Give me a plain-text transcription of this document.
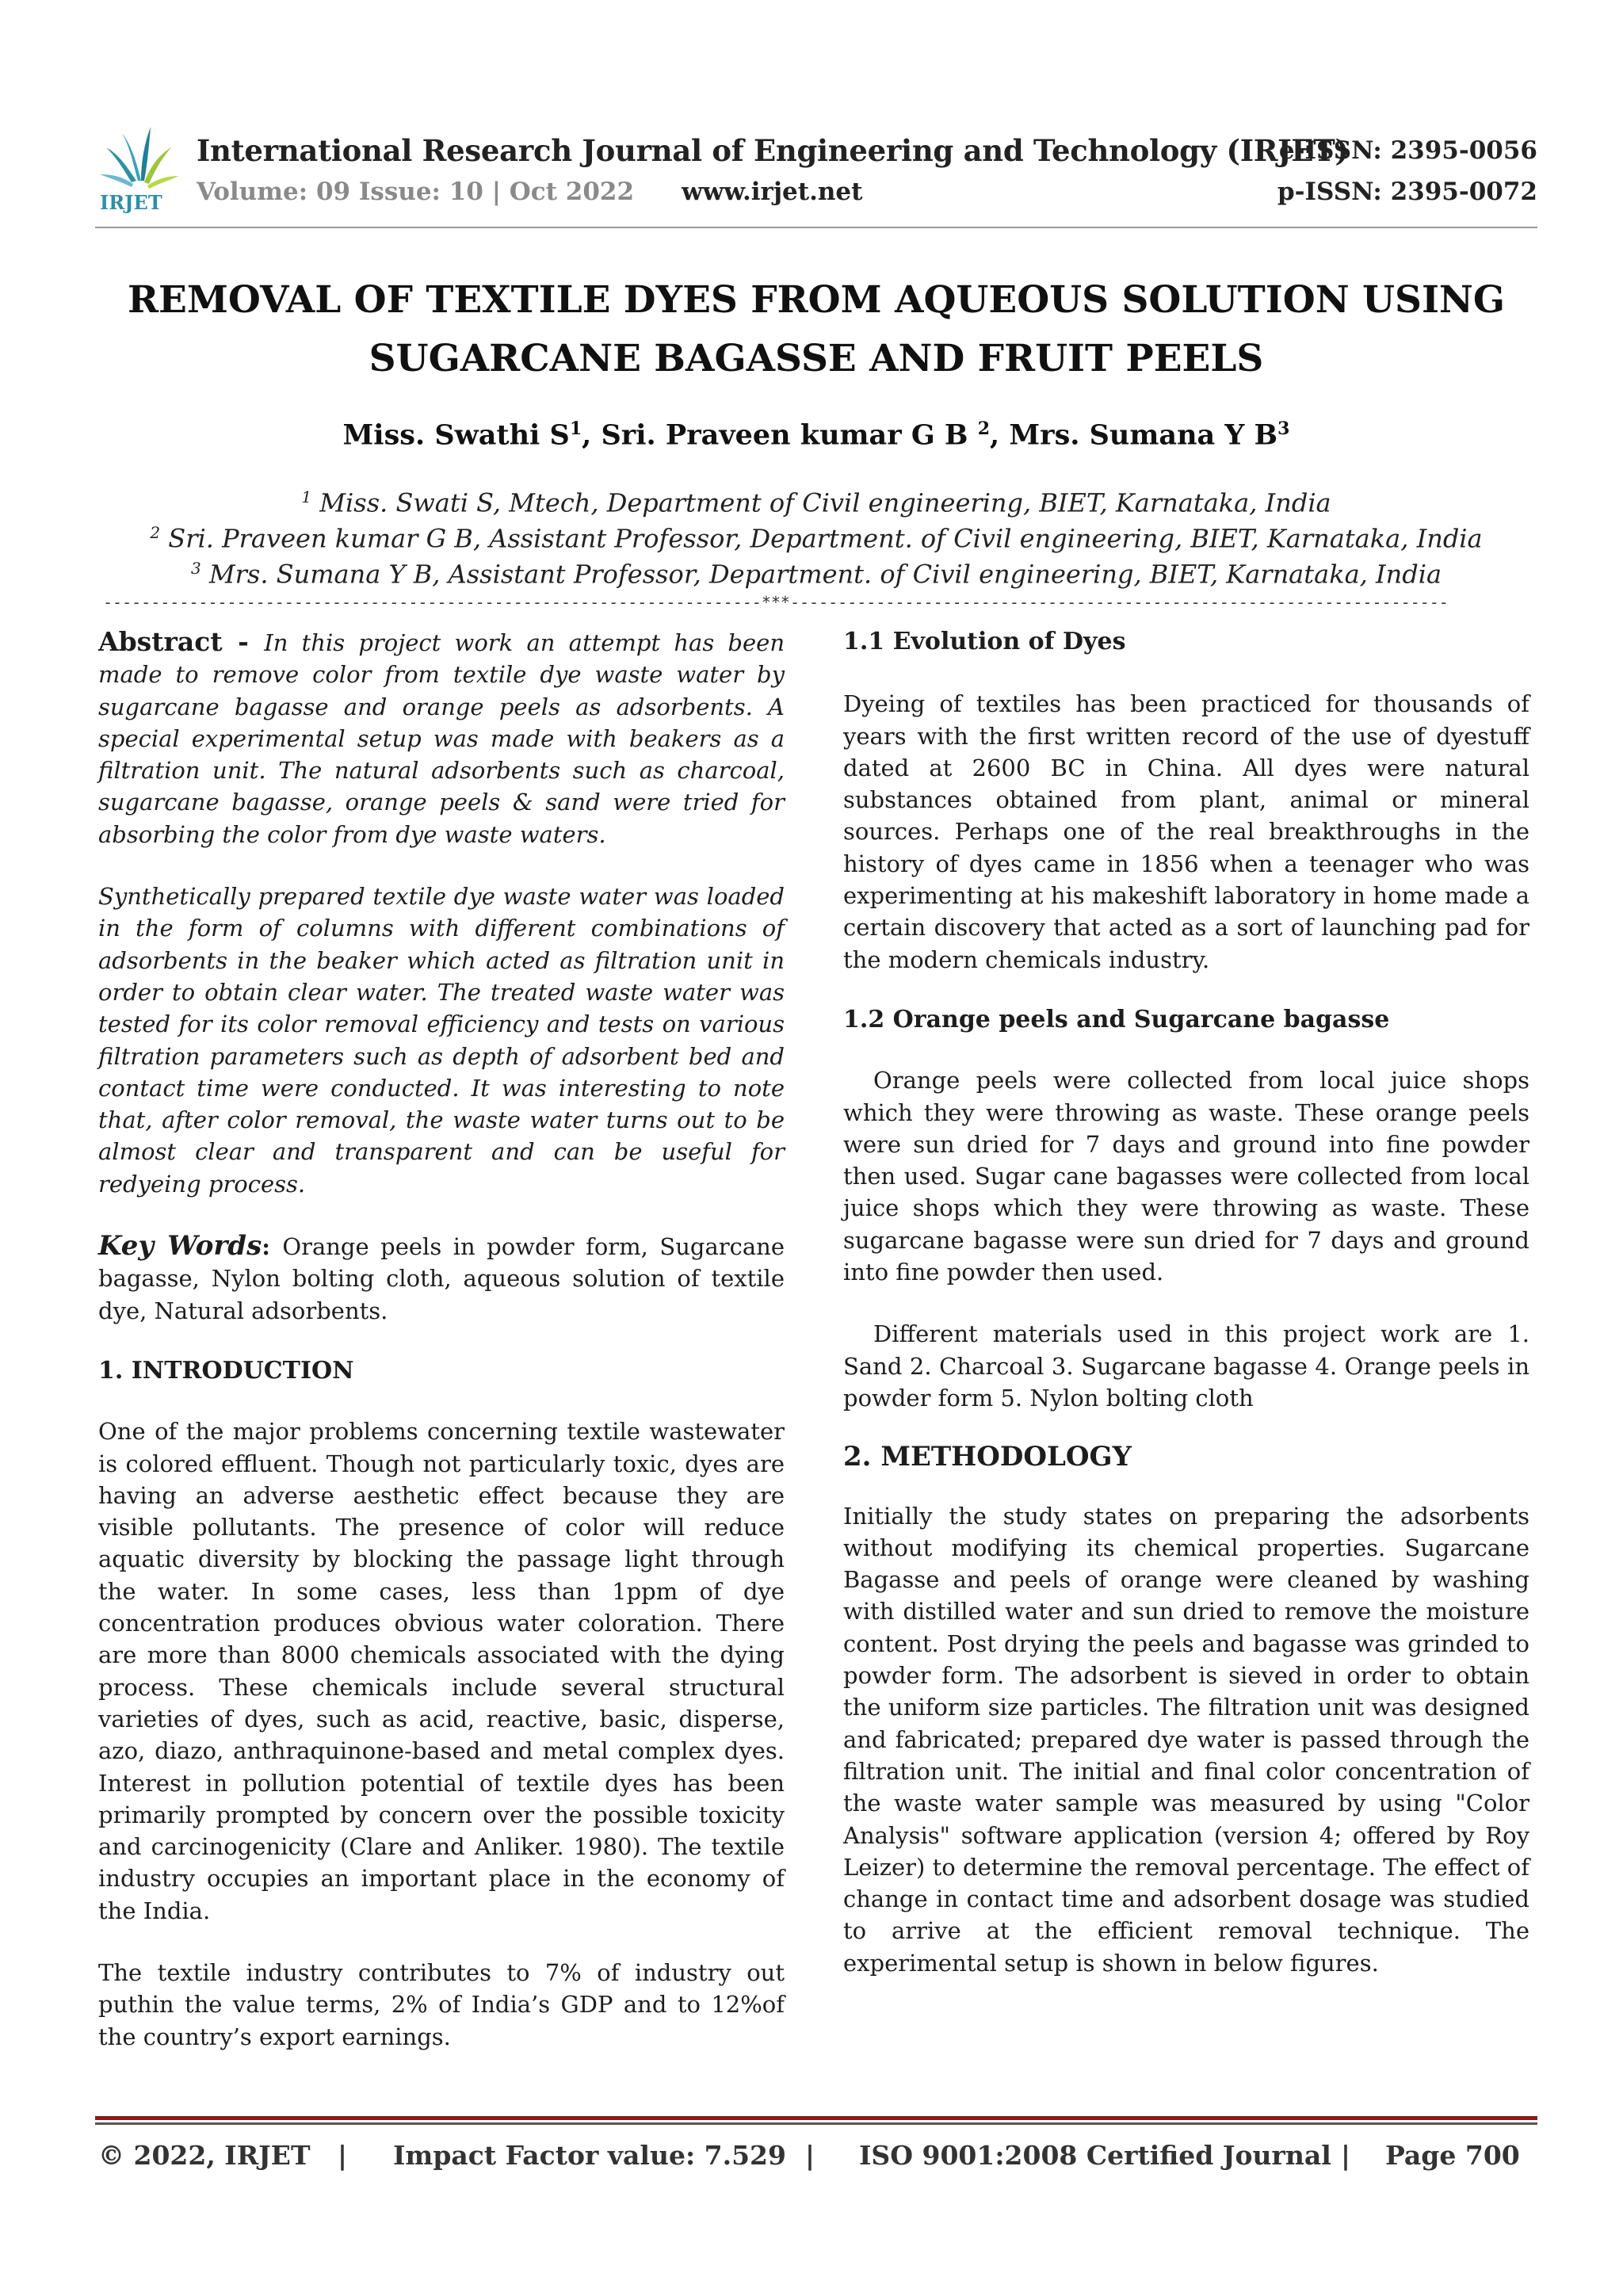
IRJET
International Research Journal of Engineering and Technology (IRJET)
Volume: 09 Issue: 10 | Oct 2022 www.irjet.net
e-ISSN: 2395-0056
p-ISSN: 2395-0072
REMOVAL OF TEXTILE DYES FROM AQUEOUS SOLUTION USING
SUGARCANE BAGASSE AND FRUIT PEELS
Miss. Swathi $S^1$, Sri. Praveen kumar G B $^2$, Mrs. Sumana Y $B^3$
$^1$ Miss. Swati S, Mtech, Department of Civil engineering, BIET, Karnataka, India
$^2$ Sri. Praveen kumar G B, Assistant Professor, Department. of Civil engineering, BIET, Karnataka, India
$^3$ Mrs. Sumana Y B, Assistant Professor, Department. of Civil engineering, BIET, Karnataka, India
---------------------------------------------------------------------***---------------------------------------------------------------------

Abstract - In this project work an attempt has been made to remove color from textile dye waste water by sugarcane bagasse and orange peels as adsorbents. A special experimental setup was made with beakers as a filtration unit. The natural adsorbents such as charcoal, sugarcane bagasse, orange peels & sand were tried for absorbing the color from dye waste waters.

Synthetically prepared textile dye waste water was loaded in the form of columns with different combinations of adsorbents in the beaker which acted as filtration unit in order to obtain clear water. The treated waste water was tested for its color removal efficiency and tests on various filtration parameters such as depth of adsorbent bed and contact time were conducted. It was interesting to note that, after color removal, the waste water turns out to be almost clear and transparent and can be useful for redyeing process.

Key Words: Orange peels in powder form, Sugarcane bagasse, Nylon bolting cloth, aqueous solution of textile dye, Natural adsorbents.

1. INTRODUCTION

One of the major problems concerning textile wastewater is colored effluent. Though not particularly toxic, dyes are having an adverse aesthetic effect because they are visible pollutants. The presence of color will reduce aquatic diversity by blocking the passage light through the water. In some cases, less than 1ppm of dye concentration produces obvious water coloration. There are more than 8000 chemicals associated with the dying process. These chemicals include several structural varieties of dyes, such as acid, reactive, basic, disperse, azo, diazo, anthraquinone-based and metal complex dyes. Interest in pollution potential of textile dyes has been primarily prompted by concern over the possible toxicity and carcinogenicity (Clare and Anliker. 1980). The textile industry occupies an important place in the economy of the India.

The textile industry contributes to 7% of industry out puthin the value terms, 2% of India’s GDP and to 12%of the country’s export earnings.

1.1 Evolution of Dyes

Dyeing of textiles has been practiced for thousands of years with the first written record of the use of dyestuff dated at 2600 BC in China. All dyes were natural substances obtained from plant, animal or mineral sources. Perhaps one of the real breakthroughs in the history of dyes came in 1856 when a teenager who was experimenting at his makeshift laboratory in home made a certain discovery that acted as a sort of launching pad for the modern chemicals industry.

1.2 Orange peels and Sugarcane bagasse

Orange peels were collected from local juice shops which they were throwing as waste. These orange peels were sun dried for 7 days and ground into fine powder then used. Sugar cane bagasses were collected from local juice shops which they were throwing as waste. These sugarcane bagasse were sun dried for 7 days and ground into fine powder then used.

Different materials used in this project work are 1. Sand 2. Charcoal 3. Sugarcane bagasse 4. Orange peels in powder form 5. Nylon bolting cloth

2. METHODOLOGY

Initially the study states on preparing the adsorbents without modifying its chemical properties. Sugarcane Bagasse and peels of orange were cleaned by washing with distilled water and sun dried to remove the moisture content. Post drying the peels and bagasse was grinded to powder form. The adsorbent is sieved in order to obtain the uniform size particles. The filtration unit was designed and fabricated; prepared dye water is passed through the filtration unit. The initial and final color concentration of the waste water sample was measured by using "Color Analysis" software application (version 4; offered by Roy Leizer) to determine the removal percentage. The effect of change in contact time and adsorbent dosage was studied to arrive at the efficient removal technique. The experimental setup is shown in below figures.

© 2022, IRJET | Impact Factor value: 7.529 | ISO 9001:2008 Certified Journal | Page 700
